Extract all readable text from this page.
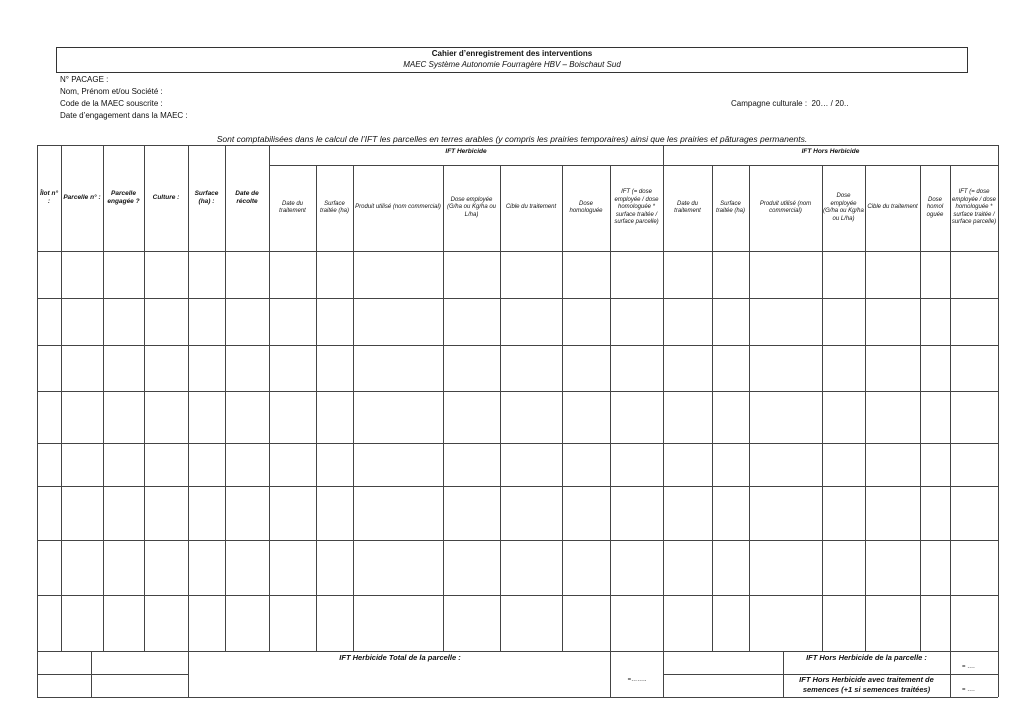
Cahier d’enregistrement des interventions
MAEC Système Autonomie Fourragère HBV – Boischaut Sud
N° PACAGE :
Nom, Prénom et/ou Société :
Code de la MAEC souscrite :
Date d’engagement dans la MAEC :
Campagne culturale : 20… / 20..
Sont comptabilisées dans le calcul de l’IFT les parcelles en terres arables (y compris les prairies temporaires) ainsi que les prairies et pâturages permanents.
Îlot n° :
Parcelle n° :
Parcelle engagée ?
Culture :
Surface (ha) :
Date de récolte
IFT Herbicide
Date du traitement
Surface traitée (ha)
Produit utilisé (nom commercial)
Dose employée (G/ha ou Kg/ha ou L/ha)
Cible du traitement
Dose homologuée
IFT (= dose employée / dose homologuée * surface traitée / surface parcelle)
IFT Hors Herbicide
Date du traitement
Surface traitée (ha)
Produit utilisé (nom commercial)
Dose employée (G/ha ou Kg/ha ou L/ha)
Cible du traitement
Dose homol oguée
IFT (= dose employée / dose homologuée * surface traitée / surface parcelle)
IFT Herbicide Total de la parcelle :
=……..
IFT Hors Herbicide de la parcelle :
= ….
IFT Hors Herbicide avec traitement de semences (+1 si semences traitées)	= ….
